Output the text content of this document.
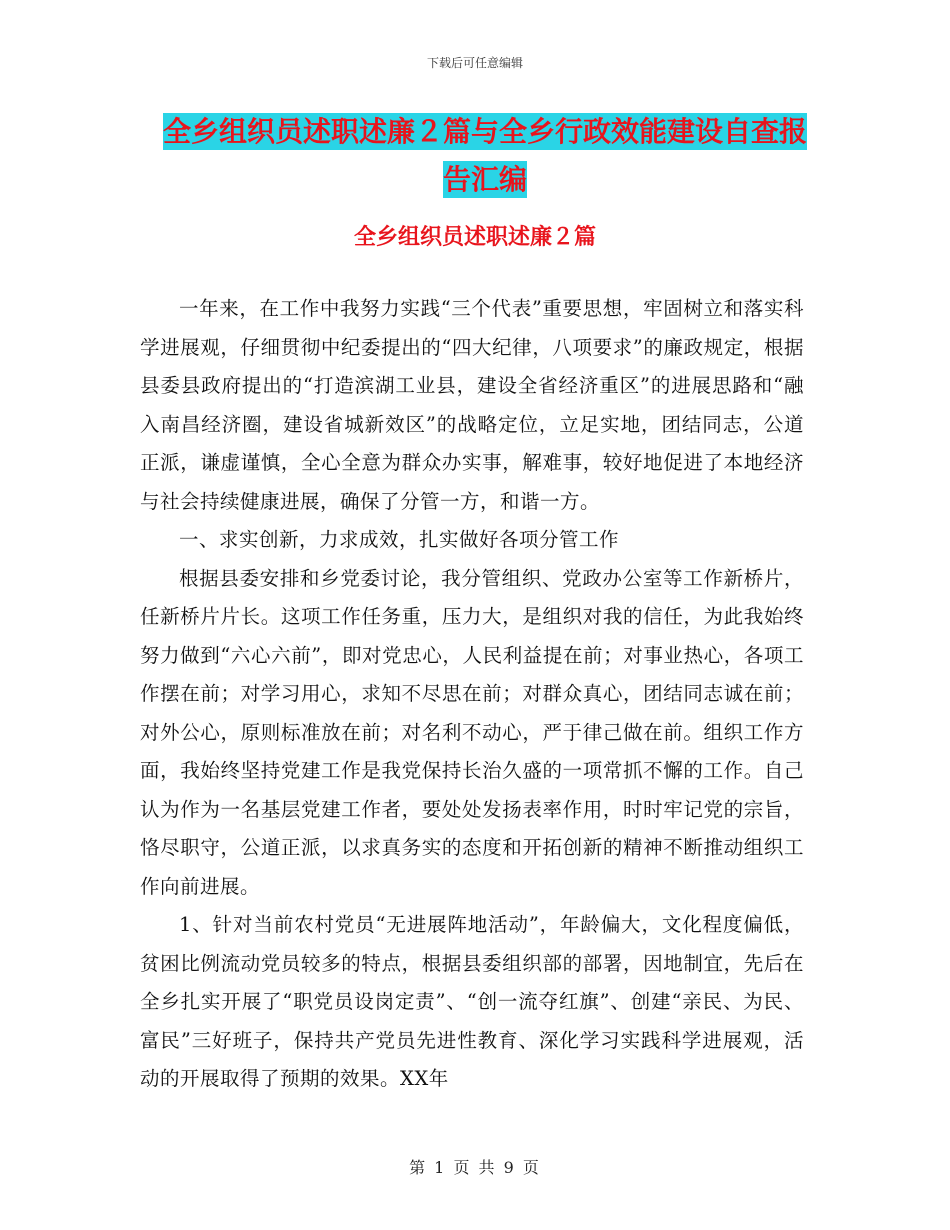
下载后可任意编辑
全乡组织员述职述廉２篇与全乡行政效能建设自查报
告汇编
全乡组织员述职述廉２篇

一年来，在工作中我努力实践“三个代表”重要思想，牢固树立和落实科学进展观，仔细贯彻中纪委提出的“四大纪律，八项要求”的廉政规定，根据县委县政府提出的“打造滨湖工业县，建设全省经济重区”的进展思路和“融入南昌经济圈，建设省城新效区”的战略定位，立足实地，团结同志，公道正派，谦虚谨慎，全心全意为群众办实事，解难事，较好地促进了本地经济与社会持续健康进展，确保了分管一方，和谐一方。

一、求实创新，力求成效，扎实做好各项分管工作

根据县委安排和乡党委讨论，我分管组织、党政办公室等工作新桥片，任新桥片片长。这项工作任务重，压力大，是组织对我的信任，为此我始终努力做到“六心六前”，即对党忠心，人民利益提在前；对事业热心，各项工作摆在前；对学习用心，求知不尽思在前；对群众真心，团结同志诚在前；对外公心，原则标准放在前；对名利不动心，严于律己做在前。组织工作方面，我始终坚持党建工作是我党保持长治久盛的一项常抓不懈的工作。自己认为作为一名基层党建工作者，要处处发扬表率作用，时时牢记党的宗旨，恪尽职守，公道正派，以求真务实的态度和开拓创新的精神不断推动组织工作向前进展。

1、针对当前农村党员“无进展阵地活动”，年龄偏大，文化程度偏低，贫困比例流动党员较多的特点，根据县委组织部的部署，因地制宜，先后在全乡扎实开展了“职党员设岗定责”、“创一流夺红旗”、创建“亲民、为民、富民”三好班子，保持共产党员先进性教育、深化学习实践科学进展观，活动的开展取得了预期的效果。XX年

第 1 页 共 9 页
